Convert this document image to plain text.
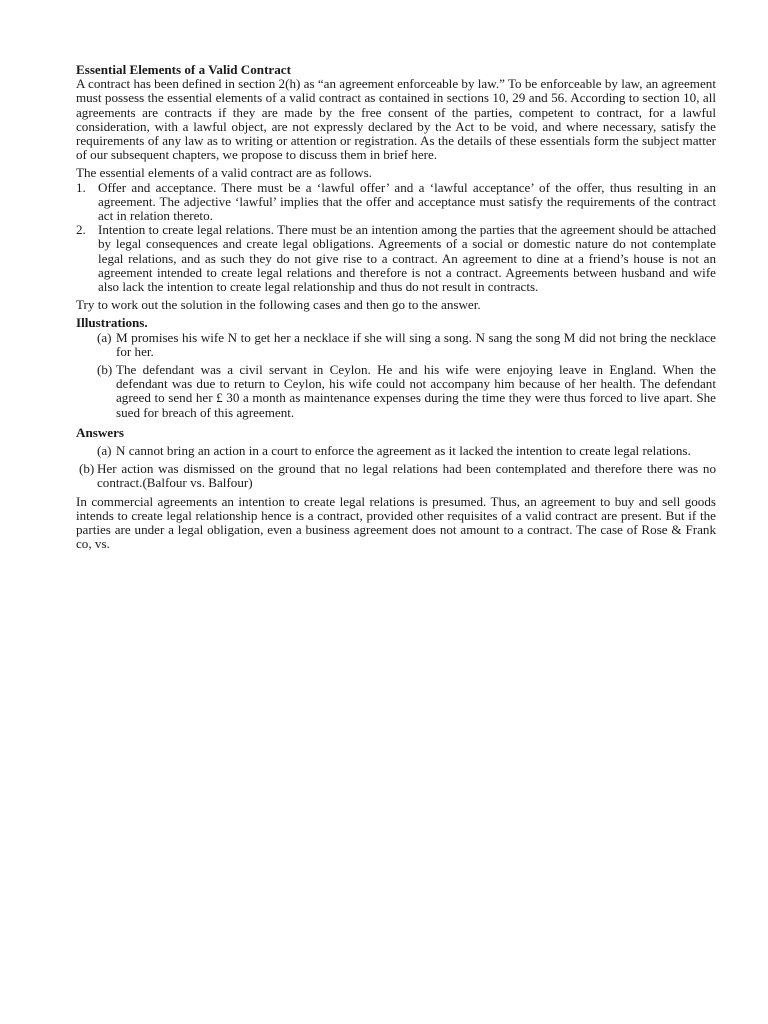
Essential Elements of a Valid Contract

A contract has been defined in section 2(h) as “an agreement enforceable by law.” To be enforceable by law, an agreement must possess the essential elements of a valid contract as contained in sections 10, 29 and 56. According to section 10, all agreements are contracts if they are made by the free consent of the parties, competent to contract, for a lawful consideration, with a lawful object, are not expressly declared by the Act to be void, and where necessary, satisfy the requirements of any law as to writing or attention or registration. As the details of these essentials form the subject matter of our subsequent chapters, we propose to discuss them in brief here.

The essential elements of a valid contract are as follows.

1. Offer and acceptance. There must be a ‘lawful offer’ and a ‘lawful acceptance’ of the offer, thus resulting in an agreement. The adjective ‘lawful’ implies that the offer and acceptance must satisfy the requirements of the contract act in relation thereto.
2. Intention to create legal relations. There must be an intention among the parties that the agreement should be attached by legal consequences and create legal obligations. Agreements of a social or domestic nature do not contemplate legal relations, and as such they do not give rise to a contract. An agreement to dine at a friend’s house is not an agreement intended to create legal relations and therefore is not a contract. Agreements between husband and wife also lack the intention to create legal relationship and thus do not result in contracts.

Try to work out the solution in the following cases and then go to the answer.

Illustrations.
(a) M promises his wife N to get her a necklace if she will sing a song. N sang the song M did not bring the necklace for her.
(b) The defendant was a civil servant in Ceylon. He and his wife were enjoying leave in England. When the defendant was due to return to Ceylon, his wife could not accompany him because of her health. The defendant agreed to send her £ 30 a month as maintenance expenses during the time they were thus forced to live apart. She sued for breach of this agreement.
Answers
(a) N cannot bring an action in a court to enforce the agreement as it lacked the intention to create legal relations.
(b) Her action was dismissed on the ground that no legal relations had been contemplated and therefore there was no contract.(Balfour vs. Balfour)

In commercial agreements an intention to create legal relations is presumed. Thus, an agreement to buy and sell goods intends to create legal relationship hence is a contract, provided other requisites of a valid contract are present. But if the parties are under a legal obligation, even a business agreement does not amount to a contract. The case of Rose & Frank co, vs.
